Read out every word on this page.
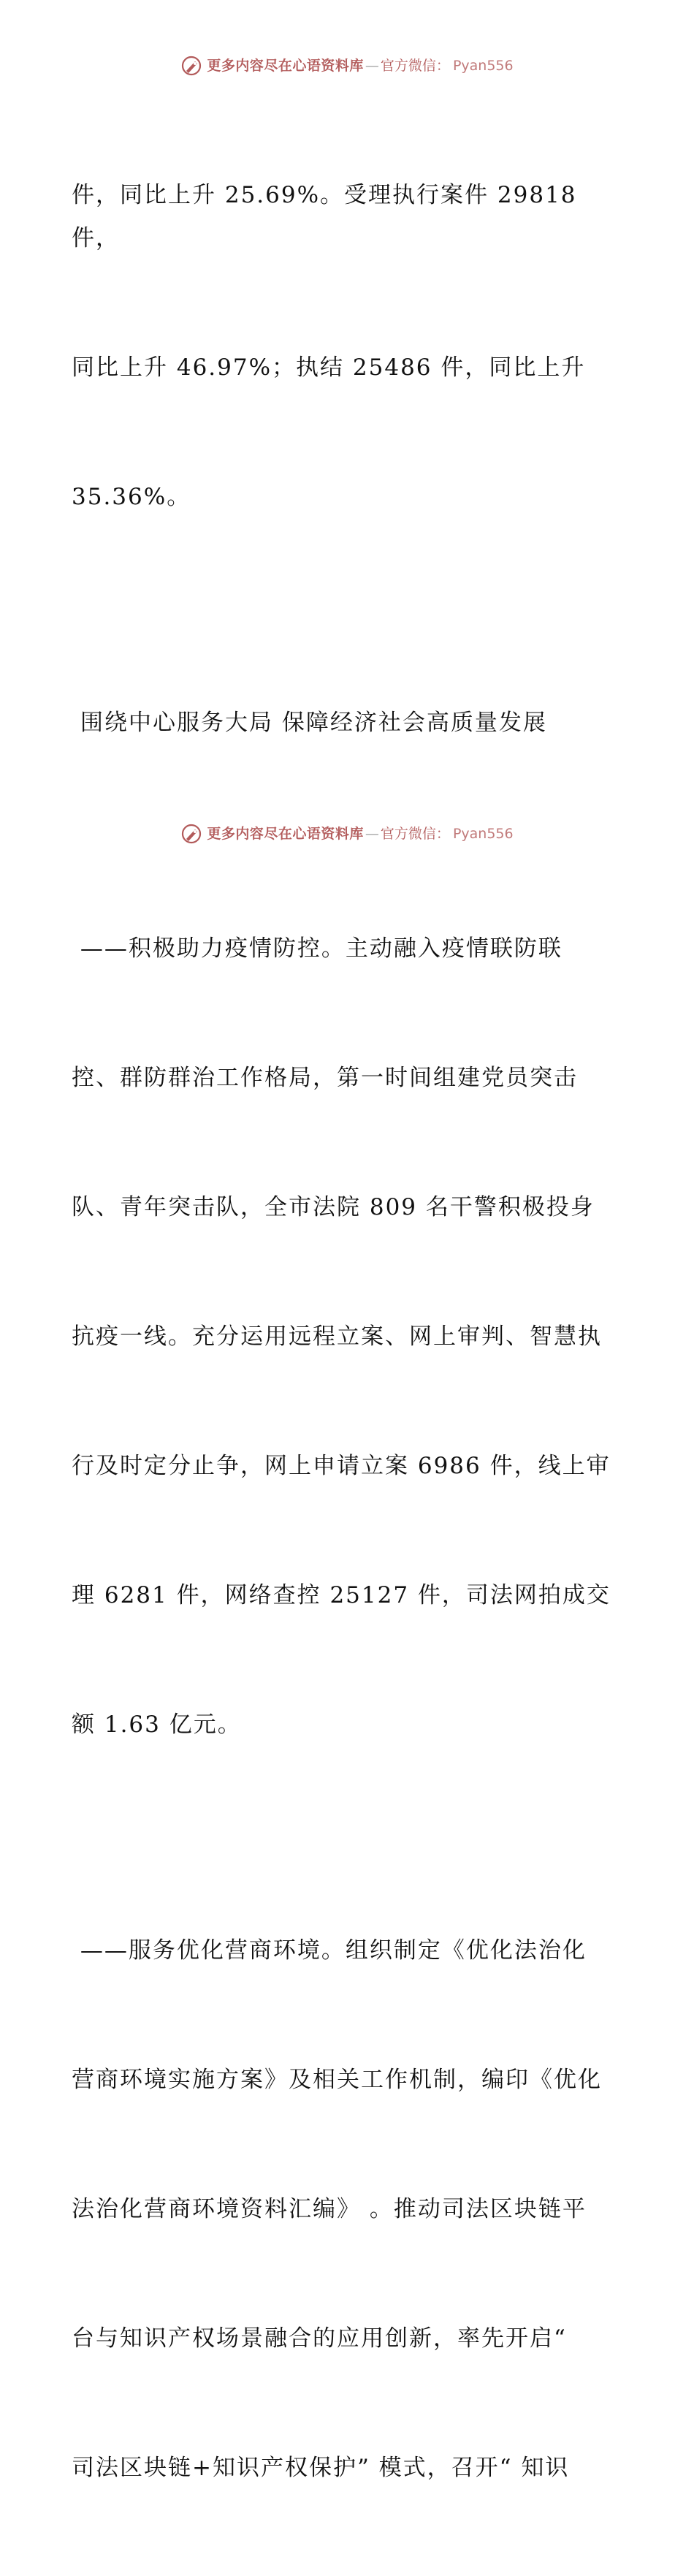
更多内容尽在心语资料库 — 官方微信： Pyan556

件，同比上升 25.69%。受理执行案件 29818 件，

同比上升 46.97%；执结 25486 件，同比上升

35.36%。

围绕中心服务大局 保障经济社会高质量发展

——积极助力疫情防控。主动融入疫情联防联

控、群防群治工作格局，第一时间组建党员突击

队、青年突击队，全市法院 809 名干警积极投身

抗疫一线。充分运用远程立案、网上审判、智慧执

行及时定分止争，网上申请立案 6986 件，线上审

理 6281 件，网络查控 25127 件，司法网拍成交

额 1.63 亿元。

——服务优化营商环境。组织制定《优化法治化

营商环境实施方案》及相关工作机制，编印《优化

法治化营商环境资料汇编》 。推动司法区块链平

台与知识产权场景融合的应用创新，率先开启“

司法区块链+知识产权保护” 模式，召开“ 知识

更多内容尽在心语资料库 — 官方微信： Pyan556
